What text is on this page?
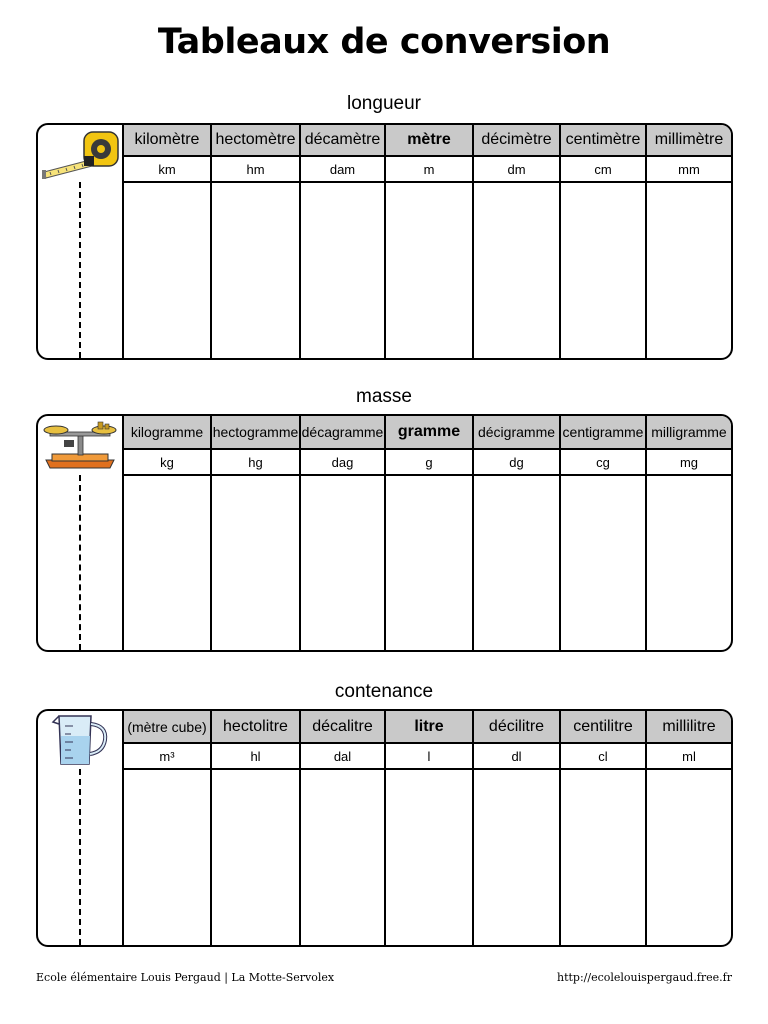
Tableaux de conversion
longueur
	kilomètre	hectomètre	décamètre	mètre	décimètre	centimètre	millimètre
	km	hm	dam	m	dm	cm	mm

masse
	kilogramme	hectogramme	décagramme	gramme	décigramme	centigramme	milligramme
	kg	hg	dag	g	dg	cg	mg

contenance
	(mètre cube)	hectolitre	décalitre	litre	décilitre	centilitre	millilitre
	m³	hl	dal	l	dl	cl	ml

Ecole élémentaire Louis Pergaud | La Motte-Servolex	http://ecolelouispergaud.free.fr
